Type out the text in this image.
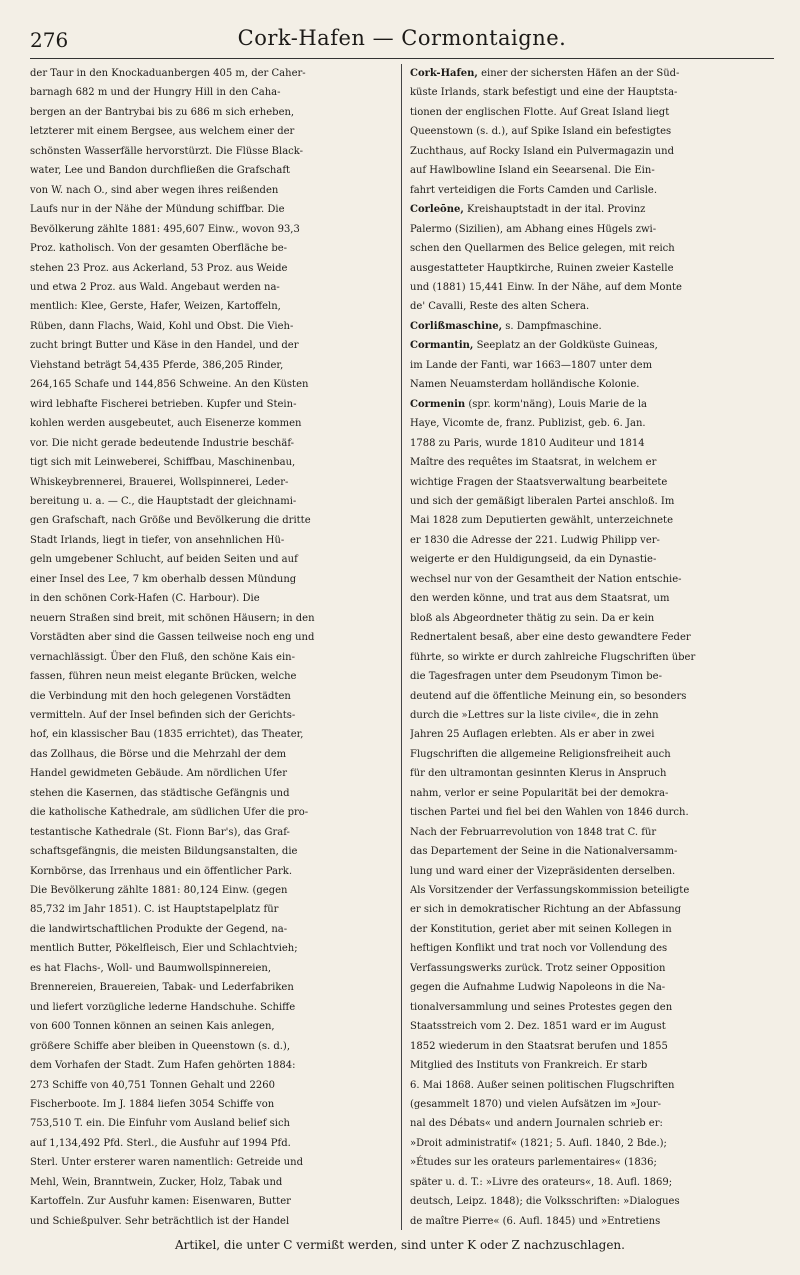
276	Cork-Hafen — Cormontaigne.
der Taur in den Knockaduanbergen 405 m, der Caher-
barnagh 682 m und der Hungry Hill in den Caha-
bergen an der Bantrybai bis zu 686 m sich erheben,
letzterer mit einem Bergsee, aus welchem einer der
schönsten Wasserfälle hervorstürzt. Die Flüsse Black-
water, Lee und Bandon durchfließen die Grafschaft
von W. nach O., sind aber wegen ihres reißenden
Laufs nur in der Nähe der Mündung schiffbar. Die
Bevölkerung zählte 1881: 495,607 Einw., wovon 93,3
Proz. katholisch. Von der gesamten Oberfläche be-
stehen 23 Proz. aus Ackerland, 53 Proz. aus Weide
und etwa 2 Proz. aus Wald. Angebaut werden na-
mentlich: Klee, Gerste, Hafer, Weizen, Kartoffeln,
Rüben, dann Flachs, Waid, Kohl und Obst. Die Vieh-
zucht bringt Butter und Käse in den Handel, und der
Viehstand beträgt 54,435 Pferde, 386,205 Rinder,
264,165 Schafe und 144,856 Schweine. An den Küsten
wird lebhafte Fischerei betrieben. Kupfer und Stein-
kohlen werden ausgebeutet, auch Eisenerze kommen
vor. Die nicht gerade bedeutende Industrie beschäf-
tigt sich mit Leinweberei, Schiffbau, Maschinenbau,
Whiskeybrennerei, Brauerei, Wollspinnerei, Leder-
bereitung u. a. — C., die Hauptstadt der gleichnami-
gen Grafschaft, nach Größe und Bevölkerung die dritte
Stadt Irlands, liegt in tiefer, von ansehnlichen Hü-
geln umgebener Schlucht, auf beiden Seiten und auf
einer Insel des Lee, 7 km oberhalb dessen Mündung
in den schönen Cork-Hafen (C. Harbour). Die
neuern Straßen sind breit, mit schönen Häusern; in den
Vorstädten aber sind die Gassen teilweise noch eng und
vernachlässigt. Über den Fluß, den schöne Kais ein-
fassen, führen neun meist elegante Brücken, welche
die Verbindung mit den hoch gelegenen Vorstädten
vermitteln. Auf der Insel befinden sich der Gerichts-
hof, ein klassischer Bau (1835 errichtet), das Theater,
das Zollhaus, die Börse und die Mehrzahl der dem
Handel gewidmeten Gebäude. Am nördlichen Ufer
stehen die Kasernen, das städtische Gefängnis und
die katholische Kathedrale, am südlichen Ufer die pro-
testantische Kathedrale (St. Fionn Bar's), das Graf-
schaftsgefängnis, die meisten Bildungsanstalten, die
Kornbörse, das Irrenhaus und ein öffentlicher Park.
Die Bevölkerung zählte 1881: 80,124 Einw. (gegen
85,732 im Jahr 1851). C. ist Hauptstapelplatz für
die landwirtschaftlichen Produkte der Gegend, na-
mentlich Butter, Pökelfleisch, Eier und Schlachtvieh;
es hat Flachs-, Woll- und Baumwollspinnereien,
Brennereien, Brauereien, Tabak- und Lederfabriken
und liefert vorzügliche lederne Handschuhe. Schiffe
von 600 Tonnen können an seinen Kais anlegen,
größere Schiffe aber bleiben in Queenstown (s. d.),
dem Vorhafen der Stadt. Zum Hafen gehörten 1884:
273 Schiffe von 40,751 Tonnen Gehalt und 2260
Fischerboote. Im J. 1884 liefen 3054 Schiffe von
753,510 T. ein. Die Einfuhr vom Ausland belief sich
auf 1,134,492 Pfd. Sterl., die Ausfuhr auf 1994 Pfd.
Sterl. Unter ersterer waren namentlich: Getreide und
Mehl, Wein, Branntwein, Zucker, Holz, Tabak und
Kartoffeln. Zur Ausfuhr kamen: Eisenwaren, Butter
und Schießpulver. Sehr beträchtlich ist der Handel
Cork-Hafen, einer der sichersten Häfen an der Süd-
küste Irlands, stark befestigt und eine der Hauptsta-
tionen der englischen Flotte. Auf Great Island liegt
Queenstown (s. d.), auf Spike Island ein befestigtes
Zuchthaus, auf Rocky Island ein Pulvermagazin und
auf Hawlbowline Island ein Seearsenal. Die Ein-
fahrt verteidigen die Forts Camden und Carlisle.
Corleōne, Kreishauptstadt in der ital. Provinz
Palermo (Sizilien), am Abhang eines Hügels zwi-
schen den Quellarmen des Belice gelegen, mit reich
ausgestatteter Hauptkirche, Ruinen zweier Kastelle
und (1881) 15,441 Einw. In der Nähe, auf dem Monte
de' Cavalli, Reste des alten Schera.
Corlißmaschine, s. Dampfmaschine.
Cormantin, Seeplatz an der Goldküste Guineas,
im Lande der Fanti, war 1663—1807 unter dem
Namen Neuamsterdam holländische Kolonie.
Cormenin (spr. korm'näng), Louis Marie de la
Haye, Vicomte de, franz. Publizist, geb. 6. Jan.
1788 zu Paris, wurde 1810 Auditeur und 1814
Maître des requêtes im Staatsrat, in welchem er
wichtige Fragen der Staatsverwaltung bearbeitete
und sich der gemäßigt liberalen Partei anschloß. Im
Mai 1828 zum Deputierten gewählt, unterzeichnete
er 1830 die Adresse der 221. Ludwig Philipp ver-
weigerte er den Huldigungseid, da ein Dynastie-
wechsel nur von der Gesamtheit der Nation entschie-
den werden könne, und trat aus dem Staatsrat, um
bloß als Abgeordneter thätig zu sein. Da er kein
Rednertalent besaß, aber eine desto gewandtere Feder
führte, so wirkte er durch zahlreiche Flugschriften über
die Tagesfragen unter dem Pseudonym Timon be-
deutend auf die öffentliche Meinung ein, so besonders
durch die »Lettres sur la liste civile«, die in zehn
Jahren 25 Auflagen erlebten. Als er aber in zwei
Flugschriften die allgemeine Religionsfreiheit auch
für den ultramontan gesinnten Klerus in Anspruch
nahm, verlor er seine Popularität bei der demokra-
tischen Partei und fiel bei den Wahlen von 1846 durch.
Nach der Februarrevolution von 1848 trat C. für
das Departement der Seine in die Nationalversamm-
lung und ward einer der Vizepräsidenten derselben.
Als Vorsitzender der Verfassungskommission beteiligte
er sich in demokratischer Richtung an der Abfassung
der Konstitution, geriet aber mit seinen Kollegen in
heftigen Konflikt und trat noch vor Vollendung des
Verfassungswerks zurück. Trotz seiner Opposition
gegen die Aufnahme Ludwig Napoleons in die Na-
tionalversammlung und seines Protestes gegen den
Staatsstreich vom 2. Dez. 1851 ward er im August
1852 wiederum in den Staatsrat berufen und 1855
Mitglied des Instituts von Frankreich. Er starb
6. Mai 1868. Außer seinen politischen Flugschriften
(gesammelt 1870) und vielen Aufsätzen im »Jour-
nal des Débats« und andern Journalen schrieb er:
»Droit administratif« (1821; 5. Aufl. 1840, 2 Bde.);
»Études sur les orateurs parlementaires« (1836;
später u. d. T.: »Livre des orateurs«, 18. Aufl. 1869;
deutsch, Leipz. 1848); die Volksschriften: »Dialogues
de maître Pierre« (6. Aufl. 1845) und »Entretiens
Artikel, die unter C vermißt werden, sind unter K oder Z nachzuschlagen.
